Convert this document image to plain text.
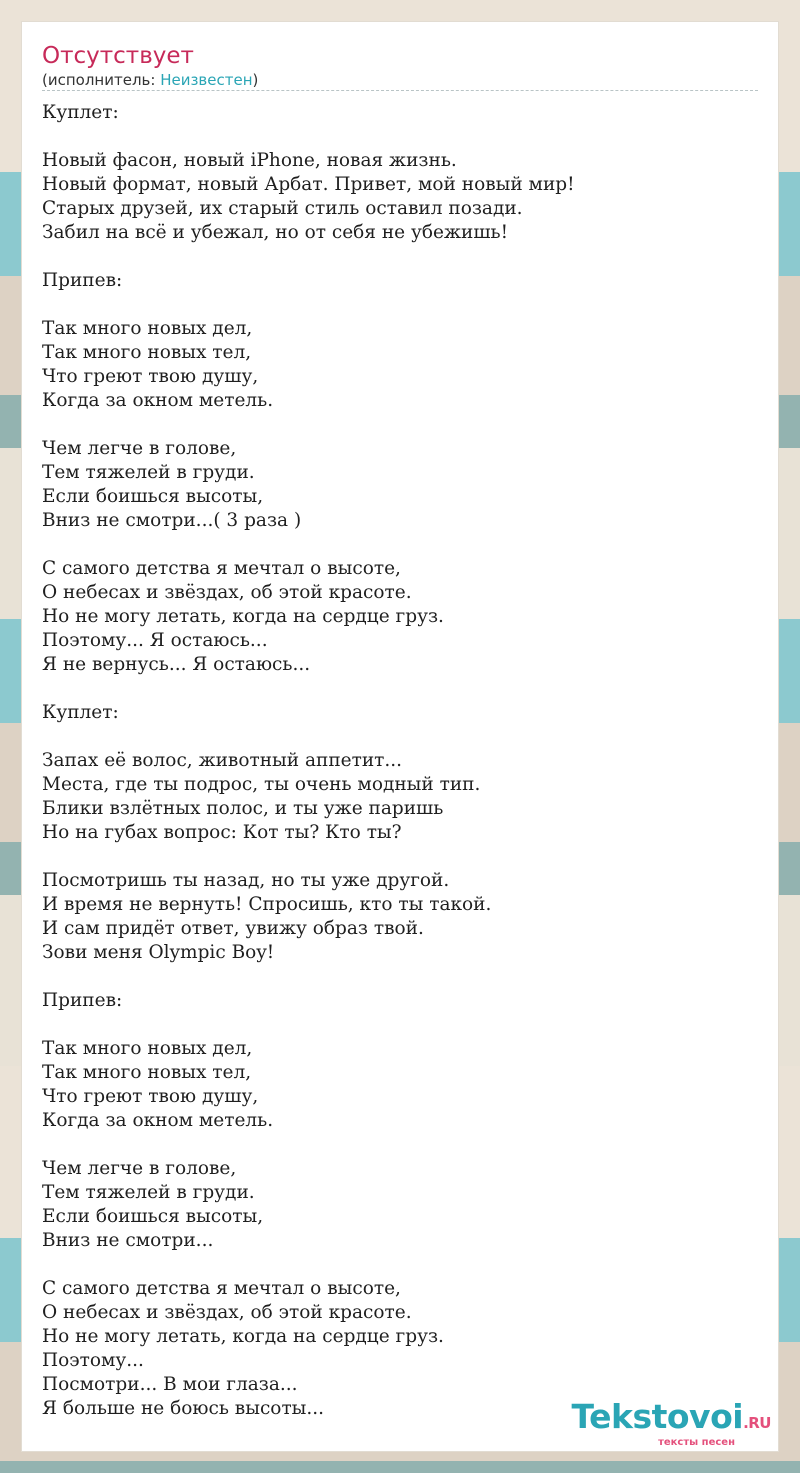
Отсутствует
(исполнитель: Неизвестен)
Куплет:

Новый фасон, новый iPhone, новая жизнь.
Новый формат, новый Арбат. Привет, мой новый мир!
Старых друзей, их старый стиль оставил позади.
Забил на всё и убежал, но от себя не убежишь!

Припев:

Так много новых дел,
Так много новых тел,
Что греют твою душу,
Когда за окном метель.

Чем легче в голове,
Тем тяжелей в груди.
Если боишься высоты,
Вниз не смотри...( 3 раза )

С самого детства я мечтал о высоте,
О небесах и звёздах, об этой красоте.
Но не могу летать, когда на сердце груз.
Поэтому... Я остаюсь...
Я не вернусь... Я остаюсь...

Куплет:

Запах её волос, животный аппетит...
Места, где ты подрос, ты очень модный тип.
Блики взлётных полос, и ты уже паришь
Но на губах вопрос: Кот ты? Кто ты?

Посмотришь ты назад, но ты уже другой.
И время не вернуть! Спросишь, кто ты такой.
И сам придёт ответ, увижу образ твой.
Зови меня Olympic Boy!

Припев:

Так много новых дел,
Так много новых тел,
Что греют твою душу,
Когда за окном метель.

Чем легче в голове,
Тем тяжелей в груди.
Если боишься высоты,
Вниз не смотри...

С самого детства я мечтал о высоте,
О небесах и звёздах, об этой красоте.
Но не могу летать, когда на сердце груз.
Поэтому...
Посмотри... В мои глаза...
Я больше не боюсь высоты...	Tekstovoi.RU
тексты песен
